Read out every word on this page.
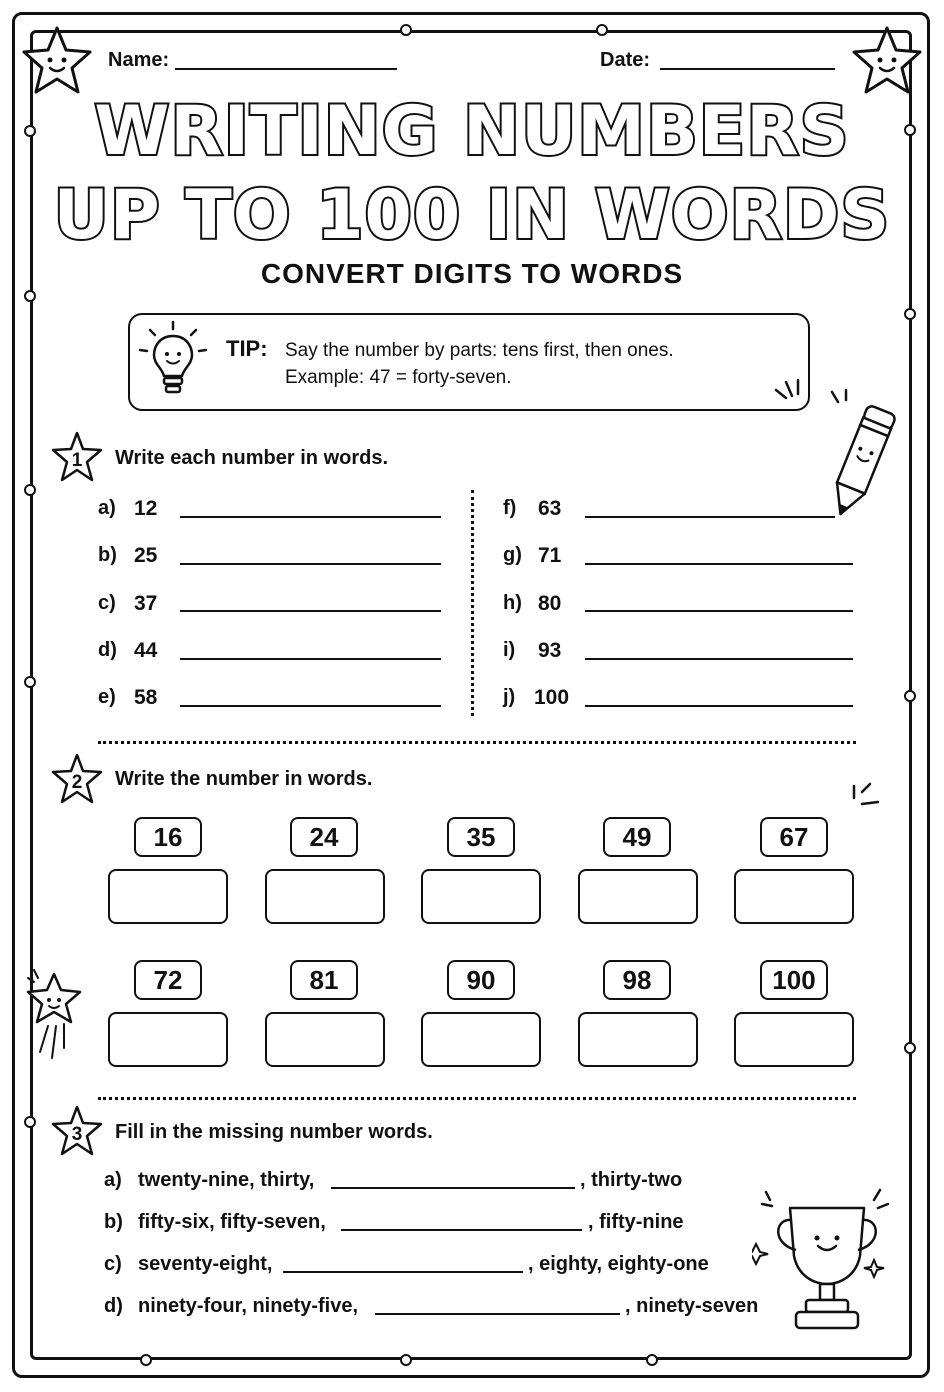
Name:	Date:
WRITING NUMBERS
UP TO 100 IN WORDS
CONVERT DIGITS TO WORDS
TIP: Say the number by parts: tens first, then ones.
Example: 47 = forty-seven.
1 Write each number in words.
a) 12
b) 25
c) 37
d) 44
e) 58
f) 63
g) 71
h) 80
i) 93
j) 100
2 Write the number in words.
16	24	35	49	67
72	81	90	98	100
3 Fill in the missing number words.
a) twenty-nine, thirty,	, thirty-two
b) fifty-six, fifty-seven,	, fifty-nine
c) seventy-eight,	, eighty, eighty-one
d) ninety-four, ninety-five,	, ninety-seven
